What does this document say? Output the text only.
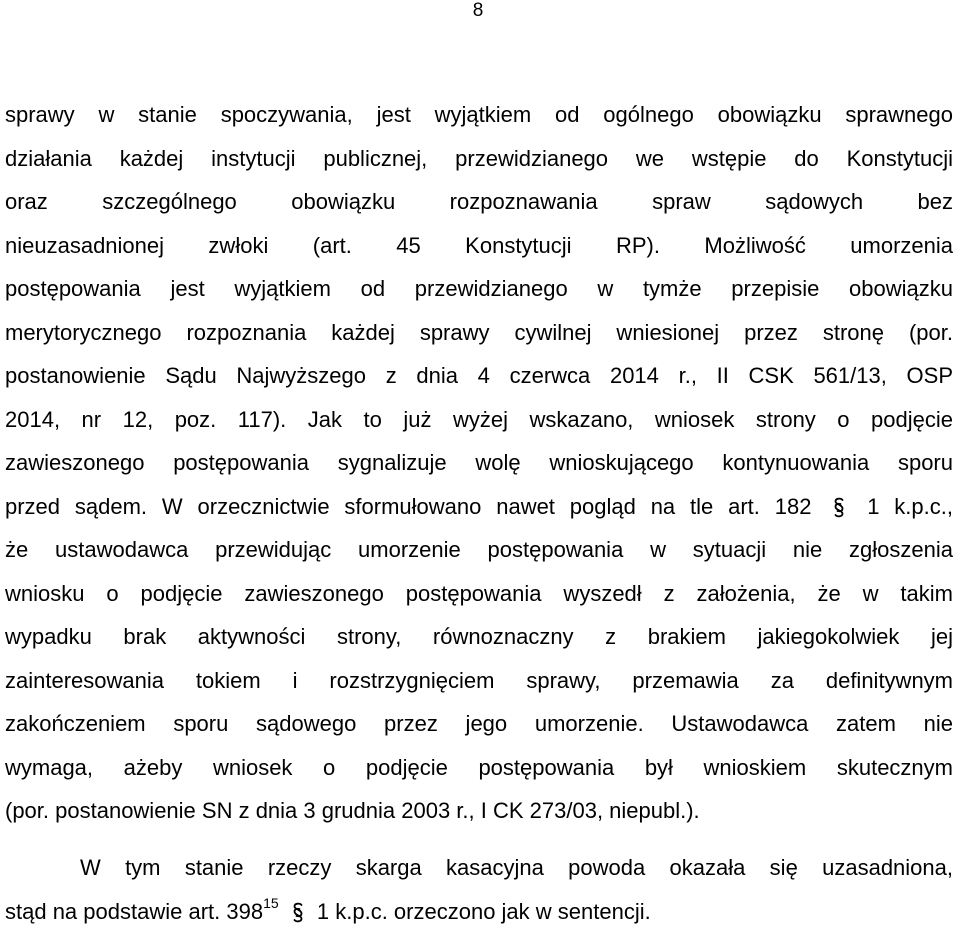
8
sprawy w stanie spoczywania, jest wyjątkiem od ogólnego obowiązku sprawnego
działania każdej instytucji publicznej, przewidzianego we wstępie do Konstytucji
oraz szczególnego obowiązku rozpoznawania spraw sądowych bez
nieuzasadnionej zwłoki (art. 45 Konstytucji RP). Możliwość umorzenia
postępowania jest wyjątkiem od przewidzianego w tymże przepisie obowiązku
merytorycznego rozpoznania każdej sprawy cywilnej wniesionej przez stronę (por.
postanowienie Sądu Najwyższego z dnia 4 czerwca 2014 r., II CSK 561/13, OSP
2014, nr 12, poz. 117). Jak to już wyżej wskazano, wniosek strony o podjęcie
zawieszonego postępowania sygnalizuje wolę wnioskującego kontynuowania sporu
przed sądem. W orzecznictwie sformułowano nawet pogląd na tle art. 182	1 k.p.c.,
że ustawodawca przewidując umorzenie postępowania w sytuacji nie zgłoszenia
wniosku o podjęcie zawieszonego postępowania wyszedł z założenia, że w takim
wypadku brak aktywności strony, równoznaczny z brakiem jakiegokolwiek jej
zainteresowania tokiem i rozstrzygnięciem sprawy, przemawia za definitywnym
zakończeniem sporu sądowego przez jego umorzenie. Ustawodawca zatem nie
wymaga, ażeby wniosek o podjęcie postępowania był wnioskiem skutecznym
(por. postanowienie SN z dnia 3 grudnia 2003 r., I CK 273/03, niepubl.).
W tym stanie rzeczy skarga kasacyjna powoda okazała się uzasadniona,
stąd na podstawie art. $398^{15}$ 1 k.p.c. orzeczono jak w sentencji.
